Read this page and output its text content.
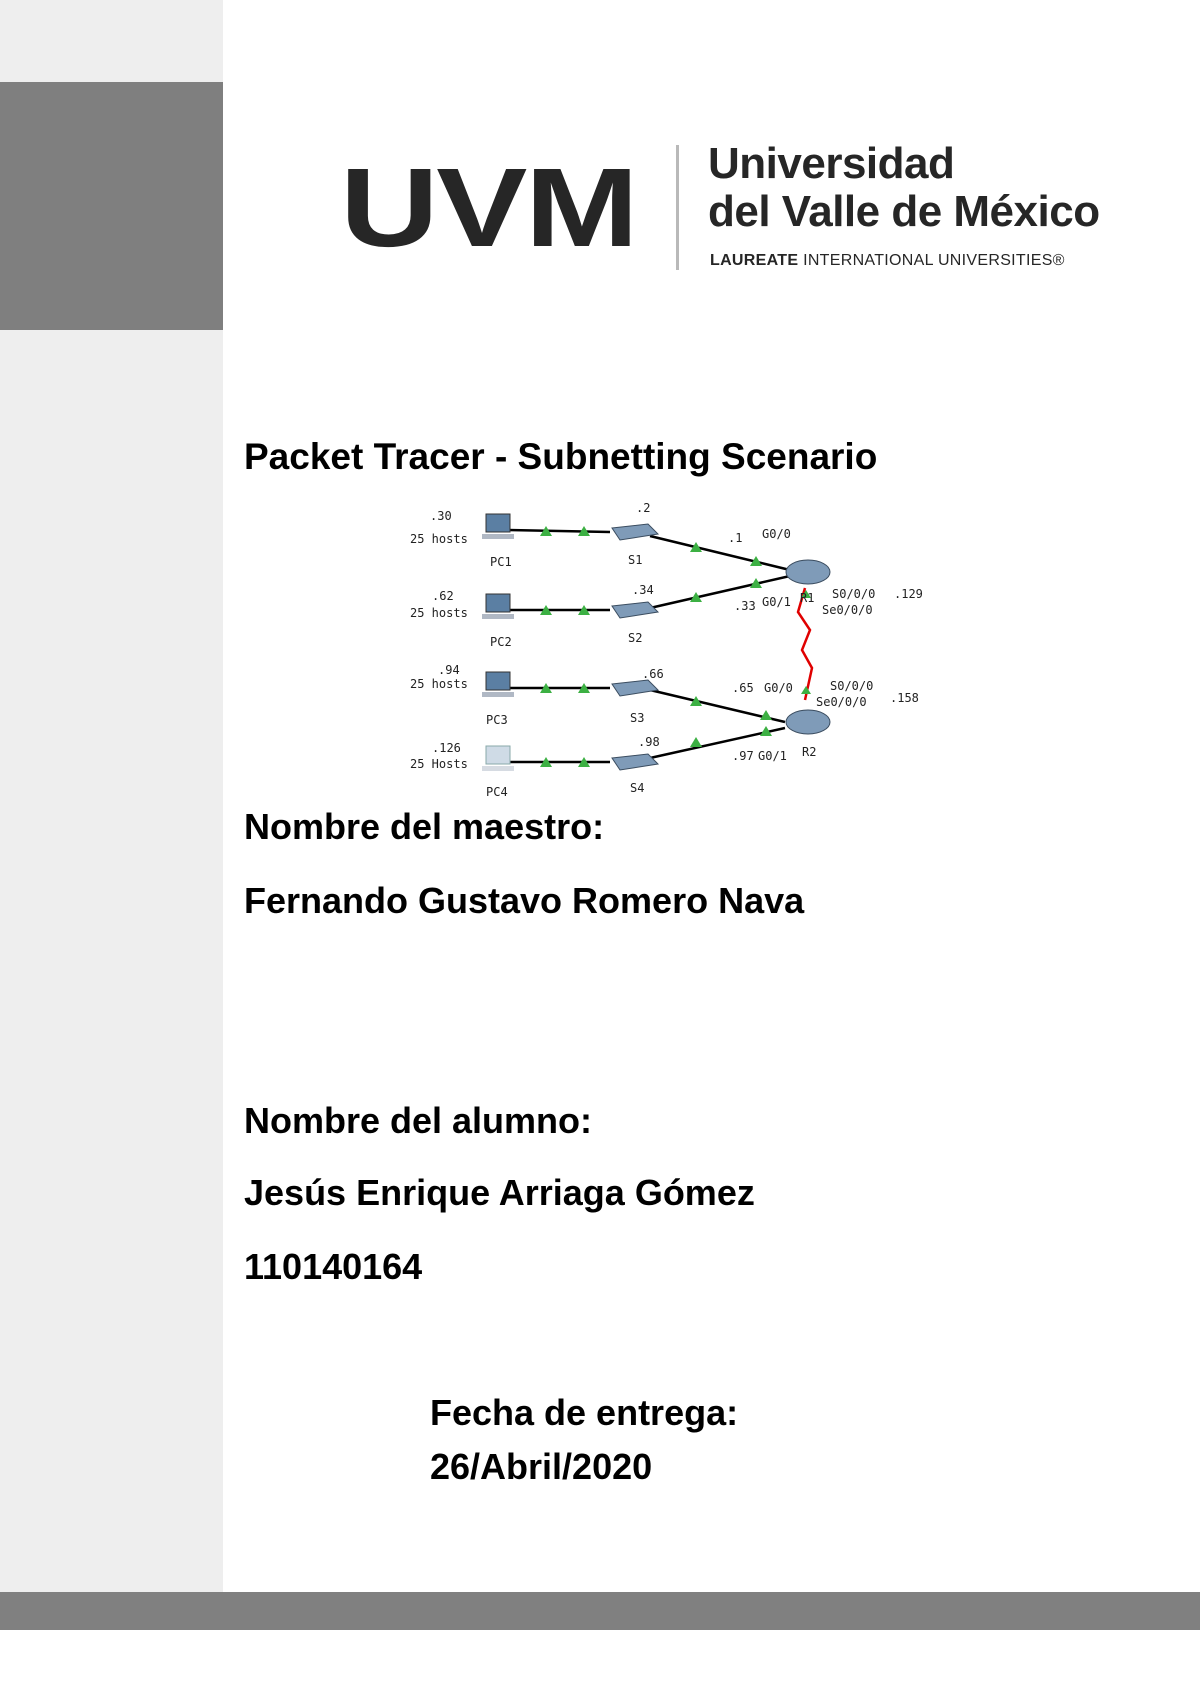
UVM Universidad
del Valle de México
LAUREATE INTERNATIONAL UNIVERSITIES®
Packet Tracer - Subnetting Scenario
.30
25 hosts
PC1
.62
25 hosts
PC2
.94
25 hosts
PC3
.126
25 Hosts
PC4
.2
S1
.34
S2
.66
S3
.98
S4
.1 G0/0
.33 G0/1 R1 S0/0/0 .129
Se0/0/0
.65 G0/0	S0/0/0
Se0/0/0 .158
.97 G0/1 R2
Nombre del maestro:
Fernando Gustavo Romero Nava
Nombre del alumno:
Jesús Enrique Arriaga Gómez
110140164
Fecha de entrega:
26/Abril/2020
